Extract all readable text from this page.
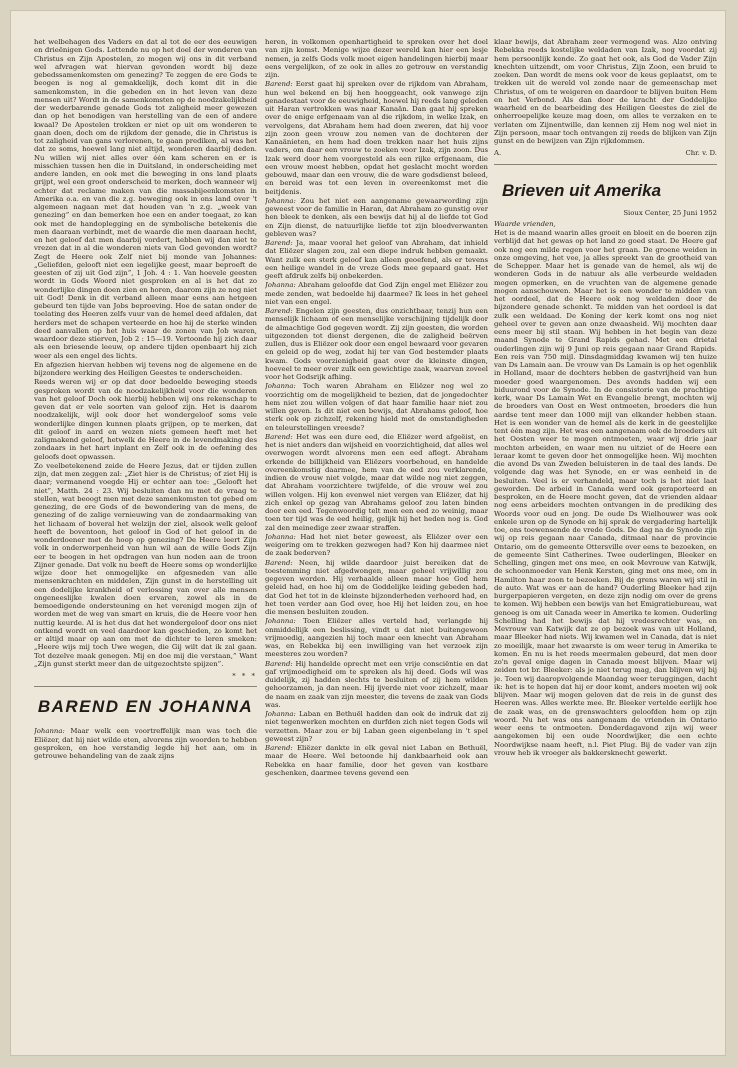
het welbehagen des Vaders en dat al tot de eer des eeuwigen en drieënigen Gods. Lettende nu op het doel der wonderen van Christus en Zijn Apostelen, zo mogen wij ons in dit verband wel afvragen wat hiervan gevonden wordt bij deze gebedssamenkomsten om genezing? Te zeggen de ere Gods te beogen is nog al gemakkelijk, doch komt dit in die samenkomsten, in die gebeden en in het leven van deze mensen uit? Wordt in de samenkomsten op de noodzakelijkheid der wederbarende genade Gods tot zaligheid meer gewezen dan op het benodigen van herstelling van de een of andere kwaal? De Apostelen trokken er niet op uit om wonderen te gaan doen, doch om de rijkdom der genade, die in Christus is tot zaligheid van gans verlorenen, te gaan prediken, al was het dat ze soms, hoewel lang niet altijd, wonderen daarbij deden. Nu willen wij niet alles over één kam scheren en er is misschien tussen hen die in Duitsland, in onderscheiding met andere landen, en ook met die beweging in ons land plaats grijpt, wel een groot onderscheid te merken, doch wanneer wij echter dat reclame maken van die massabijeenkomsten in Amerika o.a. en van die z.g. beweging ook in ons land over 't algemeen nagaan met dat houden van 'n z.g. „week van genezing” en dan bemerken hoe een en ander toegaat, zo kan ook met de handoplegging en de symbolische betekenis die men daaraan verbindt, met de waarde die men daaraan hecht, en het geloof dat men daarbij vordert, hebben wij dan niet te vrezen dat in al die wonderen niets van God gevonden wordt? Zegt de Heere ook Zelf niet bij monde van Johannes: „Geliefden, gelooft niet een iegelijke geest, maar beproeft de geesten of zij uit God zijn”, 1 Joh. 4 : 1. Van hoevele geesten wordt in Gods Woord niet gesproken en al is het dat zo wonderlijke dingen doen zien en horen, daarom zijn ze nog niet uit God! Denk in dit verband alleen maar eens aan hetgeen gebeurd ten tijde van Jobs beproeving. Hoe de satan onder de toelating des Heeren zelfs vuur van de hemel deed afdalen, dat herders met de schapen verteerde en hoe hij de sterke winden deed aanvallen op het huis waar de zonen van Job waren, waardoor deze stierven, Job 2 : 15—19. Vertoonde hij zich daar als een briesende leeuw, op andere tijden openbaart hij zich weer als een engel des lichts.

En afgezien hiervan hebben wij tevens nog de algemene en de bijzondere werking des Heiligen Geestes te onderscheiden.

Reeds weren wij er op dat door bedoelde beweging steeds gesproken wordt van de noodzakelijkheid voor die wonderen van het geloof Doch ook hierbij hebben wij ons rekenschap te geven dat er vele soorten van geloof zijn. Het is daarom noodzakelijk, wijl ook door het wondergeloof soms vele wonderlijke dingen kunnen plaats grijpen, op te merken, dat dit geloof in aard en wezen niets gemeen heeft met het zaligmakend geloof, hetwelk de Heere in de levendmaking des zondaars in het hart inplant en Zelf ook in de oefening des geloofs doet opwassen.

Zo veelbetekenend zeide de Heere Jezus, dat er tijden zullen zijn, dat men zeggen zal: „Ziet hier is de Christus; of ziet Hij is daar; vermanend voegde Hij er echter aan toe: „Gelooft het niet”, Matth. 24 : 23. Wij besluiten dan nu met de vraag te stellen, wat beoogt men met deze samenkomsten tot gebed om genezing, de ere Gods of de bewondering van de mens, de genezing of de zalige vernieuwing van de zondaarmaking van het lichaam of boveral het welzijn der ziel, alsook welk geloof heeft de boventoon, het geloof in God of het geloof in de wonderdoener met de hoop op genezing? De Heere leert Zijn volk in onderworpenheid van hun wil aan de wille Gods Zijn eer te beogen in het opdragen van hun noden aan de troon Zijner genade. Dat volk nu beeft de Heere soms op wonderlijke wijze door het onmogelijke en afgesneden van alle mensenkrachten en middelen, Zijn gunst in de herstelling uit een dodelijke krankheid of verlossing van over alle mensen ongeneeslijke kwalen doen ervaren, zowel als in de bemoedigende ondersteuning en het verenigd mogen zijn of worden met de weg van smart en kruis, die de Heere voor hen nuttig keurde. Al is het dus dat het wondergeloof door ons niet ontkend wordt en veel daardoor kan geschieden, zo komt het er altijd maar op aan om met de dichter te leren smeken: „Heere wijs mij toch Uwe wegen, die Gij wilt dat ik zal gaan. Tot dezelve maak genegen. Mij en doe mij die verstaan,” Want „Zijn gunst sterkt meer dan de uitgezochtste spijzen”.

* * *
BAREND EN JOHANNA

Johanna: Maar welk een voortreffelijk man was toch die Eliëzer, dat hij niet wilde eten, alvorens zijn woorden te hebben gesproken, en hoe verstandig legde hij het aan, om in getrouwe behandeling van de zaak zijns

heren, in volkomen openhartigheid te spreken over het doel van zijn komst. Menige wijze dezer wereld kan hier een lesje nemen, ja zelfs Gods volk moet eigen handelingen hierbij maar eens vergelijken, of ze ook in alles zo getrouw en verstandig zijn.

Barend: Eerst gaat hij spreken over de rijkdom van Abraham, hun wel bekend en bij hen hooggeacht, ook vanwege zijn genadestaat voor de eeuwigheid, hoewel hij reeds lang geleden uit Haran vertrokken was naar Kanaän. Dan gaat hij spreken over de enige erfgenaam van al die rijkdom, in welke Izak, en vervolgens, dat Abraham hem had doen zweren, dat hij voor zijn zoon geen vrouw zou nemen van de dochteren der Kanaänieten, en hem had doen trekken naar het huis zijns vaders, om daar een vrouw te zoeken voor Izak, zijn zoon. Dus Izak werd door hem voorgesteld als een rijke erfgenaam, die een vrouw moest hebben, opdat het geslacht mocht worden gebouwd, maar dan een vrouw, die de ware godsdienst beleed, en bereid was tot een leven in overeenkomst met die beitjdenis.

Johanna: Zou het niet een aangename gewaarwording zijn geweest voor de familie in Haran, dat Abraham zo gunstig over hen bleek te denken, als een bewijs dat hij al de liefde tot God en Zijn dienst, de natuurlijke liefde tot zijn bloedverwanten gebleven was?

Barend: Ja, maar vooral het geloof van Abraham, dat inhield dat Eliëzer slagen zou, zal een diepe indruk hebben gemaakt. Want zulk een sterk geloof kan alleen geoefend, als er tevens een heilige wandel in de vreze Gods mee gepaard gaat. Het geeft afdruk zelfs bij onbekerden.

Johanna: Abraham geloofde dat God Zijn engel met Eliëzer zou mede zenden, wat bedoelde hij daarmee? Ik lees in het geheel niet van een engel.

Barend: Engelen zijn geesten, dus onzichtbaar, tenzij hun een menselijk lichaam of een menselijke verschijning tijdelijk door de almachtige God gegeven wordt. Zij zijn geesten, die worden uitgezonden tot dienst dergenen, die de zaligheid beërven zullen, dus is Eliëzer ook door een engel bewaard voor gevaren en geleid op de weg, zodat hij ter van God bestemder plaats kwam. Gods voorzienigheid gaat over de kleinste dingen, hoeveel te meer over zulk een gewichtige zaak, waarvan zoveel voor het Godsrijk afhing.

Johanna: Toch waren Abraham en Eliëzer nog wel zo voorzichtig om de mogelijkheid te bezien, dat de jongedochter hem niet zou willen volgen of dat haar familie haar niet zou willen geven. Is dit niet een bewijs, dat Abrahams geloof, hoe sterk ook op zichzelf, rekening hield met de omstandigheden en teleurstellingen vreesde?

Barend: Het was een dure eed, die Eliëzer werd afgeëist, en het is niet anders dan wijsheid en voorzichtigheid, dat alles wel overwogen wordt alvorens men een eed aflegt. Abraham erkende de billijkheid van Eliëzers voorbehoud, en handelde overeenkomstig daarmee, hem van de eed zou verklarende, indien de vrouw niet volgde, maar dat wilde nog niet zeggen, dat Abraham voorzichtere twijfelde, of die vrouw wel zou willen volgen. Hij kon evenwel niet vergen van Eliëzer, dat hij zich enkel op gezag van Abrahams geloof zou laten binden door een eed. Tegenwoordig telt men een eed zo weinig, maar toen ter tijd was de eed heilig, gelijk hij het heden nog is. God zal den meinedige zeer zwaar straffen.

Johanna: Had het niet beter geweest, als Eliëzer over een weigering om te trekken gezwegen had? Kon hij daarmee niet de zaak bederven?

Barend: Neen, hij wilde daardoor juist bereiken dat de toestemming niet afgedwongen, maar geheel vrijwillig zou gegeven worden. Hij verhaalde alleen maar hoe God hem geleid had, en hoe hij om de Goddelijke leiding gebeden had, dat God het tot in de kleinste bijzonderheden verhoord had, en het toen verder aan God over, hoe Hij het leiden zou, en hoe die mensen besluiten zouden.

Johanna: Toen Eliëzer alles verteld had, verlangde hij onmiddellijk een beslissing, vindt u dat niet buitengewoon vrijmoedig, aangezien hij toch maar een knecht van Abraham was, en Rebekka bij een inwilliging van het verzoek zijn meesteres zou worden?

Barend: Hij handelde oprecht met een vrije consciëntie en dat gaf vrijmoedigheid om te spreken als hij deed. Gods wil was duidelijk, zij hadden slechts te besluiten of zij hem wilden gehoorzamen, ja dan neen. Hij ijverde niet voor zichzelf, maar de naam en zaak van zijn meester, die tevens de zaak van Gods was.

Johanna: Laban en Bethuël hadden dan ook de indruk dat zij niet tegenwerken mochten en durfden zich niet tegen Gods wil verzetten. Maar zou er bij Laban geen eigenbelang in 't spel geweest zijn?

Barend: Eliëzer dankte in elk geval niet Laban en Bethuël, maar de Heere. Wel betoonde hij dankbaarheid ook aan Rebekka en haar familie, door het geven van kostbare geschenken, daarmee tevens gevend een

klaar bewijs, dat Abraham zeer vermogend was. Alzo ontving Rebekka reeds kostelijke weldaden van Izak, nog voordat zij hem persoonlijk kende. Zo gaat het ook, als God de Vader Zijn knechten uitzendt, om voor Christus, Zijn Zoon, een bruid te zoeken. Dan wordt de mens ook voor de keus geplaatst, om te trekken uit de wereld vol zonde naar de gemeenschap met Christus, of om te weigeren en daardoor te blijven buiten Hem en het Verbond. Als dan door de kracht der Goddelijke waarheid en de bearbeiding des Heiligen Geestes de ziel de onherroepelijke keuze mag doen, om alles te verzaken en te verlaten om Zijnentwille, dan kennen zij Hem nog wel niet in Zijn persoon, maar toch ontvangen zij reeds de blijken van Zijn gunst en de bewijzen van Zijn rijkdommen.

A.	Chr. v. D.
Brieven uit Amerika
Sioux Center, 25 Juni 1952
Waarde vrienden,

Het is de maand waarin alles groeit en bloeit en de boeren zijn verblijd dat het gewas op het land zo goed staat. De Heere gaf ook nog een milde regen voor het graan. De groene weiden in onze omgeving, het vee, ja alles spreekt van de grootheid van de Schepper. Maar het is genade van de hemel, als wij de wonderen Gods in de natuur als alle verbeurde weldaden mogen opmerken, en de vruchten van de algemene genade mogen aanschouwen. Maar het is een wonder te midden van het oordeel, dat de Heere ook nog weldaden door de bijzondere genade schenkt. Te midden van het oordeel is dat zulk een weldaad. De Koning der kerk komt ons nog niet geheel over te geven aan onze dwaasheid. Wij mochten daar eens meer bij stil staan. Wij hebben in het begin van deze maand Synode te Grand Rapids gehad. Met een drietal ouderlingen zijn wij 9 Juni op reis gegaan naar Grand Rapids. Een reis van 750 mijl. Dinsdagmiddag kwamen wij ten huize van Ds Lamain aan. De vrouw van Ds Lamain is op het ogenblik in Holland, maar de dochters hebben de gastvrijheid van hun moeder goed waargenomen. Des avonds hadden wij een biduurond voor de Synode. In de consistorie van de prachtige kerk, waar Ds Lamain Wet en Evangelie brengt, mochten wij de broeders van Oost en West ontmoeten, broeders die hun aardse tent meer dan 1000 mijl van elkander hebben staan. Het is een wonder van de hemel als de kerk in de geestelijke tent één mag zijn. Het was een aangenaam ook de broeders uit het Oosten weer te mogen ontmoeten, waar wij drie jaar mochten arbeiden, en waar men nu uitziet of de Heere een leraar komt te geven door het onmogelijke heen. Wij mochten die avond Ds van Zweden beluisteren in de taal des lands. De volgende dag was het Synode, en er was eenheid in de besluiten. Veel is er verhandeld, maar toch is het niet laat geworden. De arbeid in Canada werd ook geraporteerd en besproken, en de Heere mocht geven, dat de vrienden aldaar nog eens arbeiders mochten ontvangen in de prediking des Woords voor oud en jong. De oude Ds Wielhouwer was ook enkele uren op de Synode en hij sprak de vergadering hartelijk toe, ons toewensende de vrede Gods. De dag na de Synode zijn wij op reis gegaan naar Canada, ditmaal naar de provincie Ontario, om de gemeente Ottersville over eens te bezoeken, en de gemeente Sint Catherines. Twee ouderlingen, Bleeker en Schelling, gingen met ons mee, en ook Mevrouw van Katwijk, de schoonmoeder van Henk Kersten, ging met ons mee, om in Hamilton haar zoon te bezoeken. Bij de grens waren wij stil in de auto. Wat was er aan de hand? Ouderling Bleeker had zijn burgerpapieren vergeten, en deze zijn nodig om over de grens te komen. Wij hebben een bewijs van het Emigratiebureau, wat genoeg is om uit Canada weer in Amerika te komen. Ouderling Schelling had het bewijs dat hij vredesrechter was, en Mevrouw van Katwijk dat ze op bezoek was van uit Holland, maar Bleeker had niets. Wij kwamen wel in Canada, dat is niet zo moeilijk, maar het zwaarste is om weer terug in Amerika te komen. En nu is het reeds meermalen gebeurd, dat men door zo'n geval enige dagen in Canada moest blijven. Maar wij zeiden tot br. Bleeker: als je niet terug mag, dan blijven wij bij je. Toen wij daaropvolgende Maandag weer teruggingen, dacht ik: het is te hopen dat hij er door komt, anders moeten wij ook blijven. Maar wij mogen geloven dat de reis in de gunst des Heeren was. Alles werkte mee. Br. Bleeker vertelde eerlijk hoe de zaak was, en de grenswachters geloofden hem op zijn woord. Nu het was ons aangenaam de vrienden in Ontario weer eens te ontmoeten. Donderdagavond zijn wij weer aangekomen bij een oude Noordwijker, die een echte Noordwijkse naam heeft, n.l. Piet Plug. Bij de vader van zijn vrouw heb ik vroeger als bakkersknecht gewerkt.
